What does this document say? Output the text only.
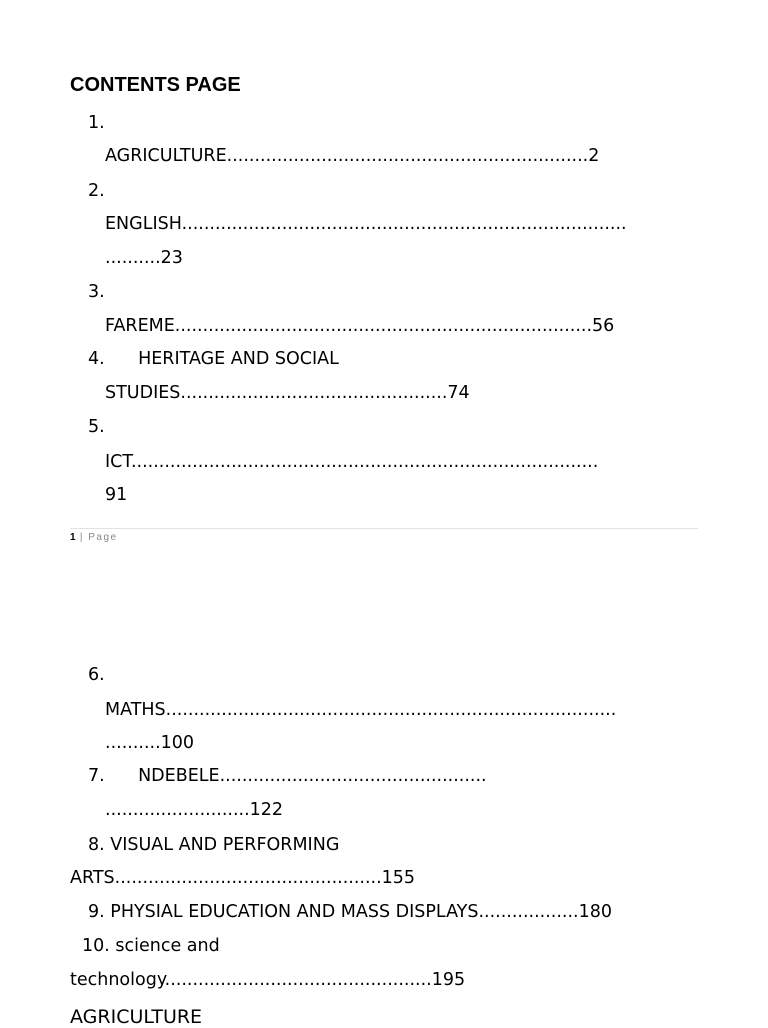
CONTENTS PAGE
1.
AGRICULTURE.................................................................2
2.
ENGLISH................................................................................
..........23
3.
FAREME...........................................................................56
4.      HERITAGE AND SOCIAL
STUDIES................................................74
5.
ICT....................................................................................
91
1 | Page
6.
MATHS.................................................................................
..........100
7.      NDEBELE................................................
..........................122
8. VISUAL AND PERFORMING
ARTS................................................155
9. PHYSIAL EDUCATION AND MASS DISPLAYS..................180
10. science and
technology................................................195
AGRICULTURE
